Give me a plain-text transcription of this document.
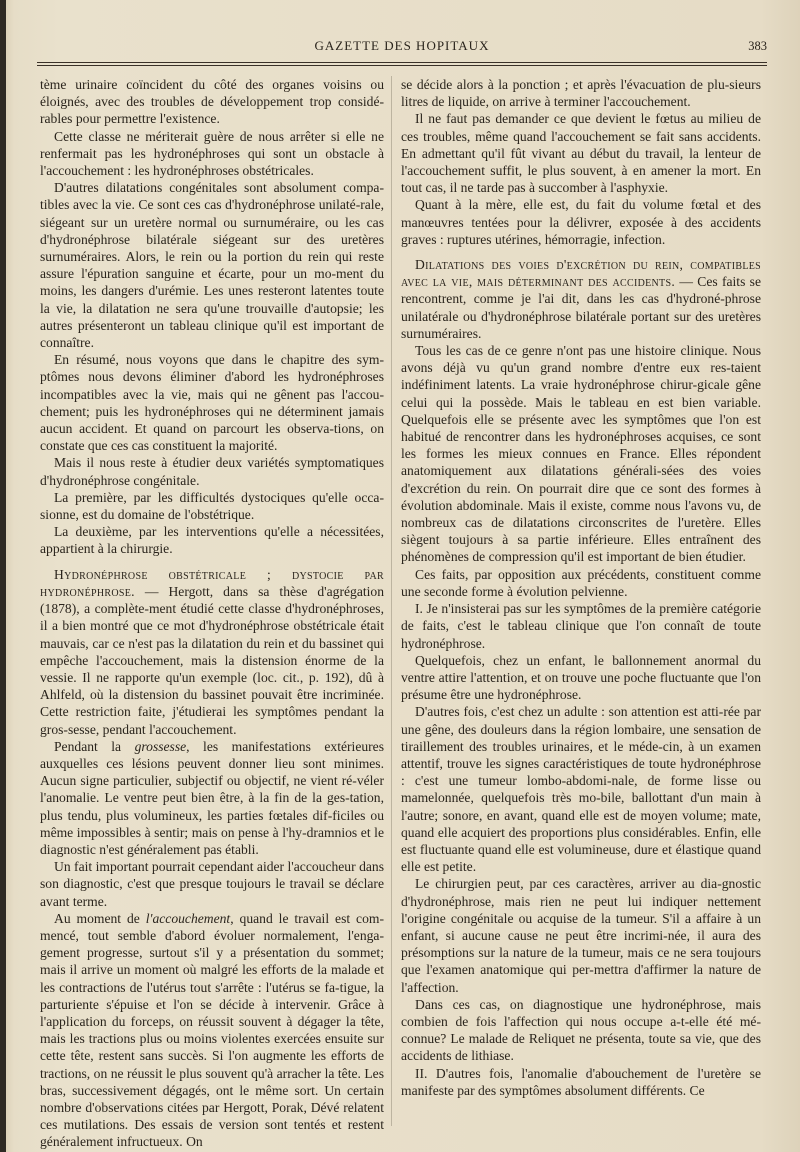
GAZETTE DES HOPITAUX	383

tème urinaire coïncident du côté des organes voisins ou éloignés, avec des troubles de développement trop considé-rables pour permettre l'existence.

Cette classe ne mériterait guère de nous arrêter si elle ne renfermait pas les hydronéphroses qui sont un obstacle à l'accouchement : les hydronéphroses obstétricales.

D'autres dilatations congénitales sont absolument compa-tibles avec la vie. Ce sont ces cas d'hydronéphrose unilaté-rale, siégeant sur un uretère normal ou surnuméraire, ou les cas d'hydronéphrose bilatérale siégeant sur des uretères surnuméraires. Alors, le rein ou la portion du rein qui reste assure l'épuration sanguine et écarte, pour un mo-ment du moins, les dangers d'urémie. Les unes resteront latentes toute la vie, la dilatation ne sera qu'une trouvaille d'autopsie; les autres présenteront un tableau clinique qu'il est important de connaître.

En résumé, nous voyons que dans le chapitre des sym-ptômes nous devons éliminer d'abord les hydronéphroses incompatibles avec la vie, mais qui ne gênent pas l'accou-chement; puis les hydronéphroses qui ne déterminent jamais aucun accident. Et quand on parcourt les observa-tions, on constate que ces cas constituent la majorité.

Mais il nous reste à étudier deux variétés symptomatiques d'hydronéphrose congénitale.

La première, par les difficultés dystociques qu'elle occa-sionne, est du domaine de l'obstétrique.

La deuxième, par les interventions qu'elle a nécessitées, appartient à la chirurgie.

Hydronéphrose obstétricale ; dystocie par hydronéphrose. — Hergott, dans sa thèse d'agrégation (1878), a complète-ment étudié cette classe d'hydronéphroses, il a bien montré que ce mot d'hydronéphrose obstétricale était mauvais, car ce n'est pas la dilatation du rein et du bassinet qui empêche l'accouchement, mais la distension énorme de la vessie. Il ne rapporte qu'un exemple (loc. cit., p. 192), dû à Ahlfeld, où la distension du bassinet pouvait être incriminée. Cette restriction faite, j'étudierai les symptômes pendant la gros-sesse, pendant l'accouchement.

Pendant la grossesse, les manifestations extérieures auxquelles ces lésions peuvent donner lieu sont minimes. Aucun signe particulier, subjectif ou objectif, ne vient ré-véler l'anomalie. Le ventre peut bien être, à la fin de la ges-tation, plus tendu, plus volumineux, les parties fœtales dif-ficiles ou même impossibles à sentir; mais on pense à l'hy-dramnios et le diagnostic n'est généralement pas établi.

Un fait important pourrait cependant aider l'accoucheur dans son diagnostic, c'est que presque toujours le travail se déclare avant terme.

Au moment de l'accouchement, quand le travail est com-mencé, tout semble d'abord évoluer normalement, l'enga-gement progresse, surtout s'il y a présentation du sommet; mais il arrive un moment où malgré les efforts de la malade et les contractions de l'utérus tout s'arrête : l'utérus se fa-tigue, la parturiente s'épuise et l'on se décide à intervenir. Grâce à l'application du forceps, on réussit souvent à dégager la tête, mais les tractions plus ou moins violentes exercées ensuite sur cette tête, restent sans succès. Si l'on augmente les efforts de tractions, on ne réussit le plus souvent qu'à arracher la tête. Les bras, successivement dégagés, ont le même sort. Un certain nombre d'observations citées par Hergott, Porak, Dévé relatent ces mutilations. Des essais de version sont tentés et restent généralement infructueux. On

se décide alors à la ponction ; et après l'évacuation de plu-sieurs litres de liquide, on arrive à terminer l'accouchement.

Il ne faut pas demander ce que devient le fœtus au milieu de ces troubles, même quand l'accouchement se fait sans accidents. En admettant qu'il fût vivant au début du travail, la lenteur de l'accouchement suffit, le plus souvent, à en amener la mort. En tout cas, il ne tarde pas à succomber à l'asphyxie.

Quant à la mère, elle est, du fait du volume fœtal et des manœuvres tentées pour la délivrer, exposée à des accidents graves : ruptures utérines, hémorragie, infection.

Dilatations des voies d'excrétion du rein, compatibles avec la vie, mais déterminant des accidents. — Ces faits se rencontrent, comme je l'ai dit, dans les cas d'hydroné-phrose unilatérale ou d'hydronéphrose bilatérale portant sur des uretères surnuméraires.

Tous les cas de ce genre n'ont pas une histoire clinique. Nous avons déjà vu qu'un grand nombre d'entre eux res-taient indéfiniment latents. La vraie hydronéphrose chirur-gicale gêne celui qui la possède. Mais le tableau en est bien variable. Quelquefois elle se présente avec les symptômes que l'on est habitué de rencontrer dans les hydronéphroses acquises, ce sont les formes les mieux connues en France. Elles répondent anatomiquement aux dilatations générali-sées des voies d'excrétion du rein. On pourrait dire que ce sont des formes à évolution abdominale. Mais il existe, comme nous l'avons vu, de nombreux cas de dilatations circonscrites de l'uretère. Elles siègent toujours à sa partie inférieure. Elles entraînent des phénomènes de compression qu'il est important de bien étudier.

Ces faits, par opposition aux précédents, constituent comme une seconde forme à évolution pelvienne.

I. Je n'insisterai pas sur les symptômes de la première catégorie de faits, c'est le tableau clinique que l'on connaît de toute hydronéphrose.

Quelquefois, chez un enfant, le ballonnement anormal du ventre attire l'attention, et on trouve une poche fluctuante que l'on présume être une hydronéphrose.

D'autres fois, c'est chez un adulte : son attention est atti-rée par une gêne, des douleurs dans la région lombaire, une sensation de tiraillement des troubles urinaires, et le méde-cin, à un examen attentif, trouve les signes caractéristiques de toute hydronéphrose : c'est une tumeur lombo-abdomi-nale, de forme lisse ou mamelonnée, quelquefois très mo-bile, ballottant d'un main à l'autre; sonore, en avant, quand elle est de moyen volume; mate, quand elle acquiert des proportions plus considérables. Enfin, elle est fluctuante quand elle est volumineuse, dure et élastique quand elle est petite.

Le chirurgien peut, par ces caractères, arriver au dia-gnostic d'hydronéphrose, mais rien ne peut lui indiquer nettement l'origine congénitale ou acquise de la tumeur. S'il a affaire à un enfant, si aucune cause ne peut être incrimi-née, il aura des présomptions sur la nature de la tumeur, mais ce ne sera toujours que l'examen anatomique qui per-mettra d'affirmer la nature de l'affection.

Dans ces cas, on diagnostique une hydronéphrose, mais combien de fois l'affection qui nous occupe a-t-elle été mé-connue? Le malade de Reliquet ne présenta, toute sa vie, que des accidents de lithiase.

II. D'autres fois, l'anomalie d'abouchement de l'uretère se manifeste par des symptômes absolument différents. Ce
